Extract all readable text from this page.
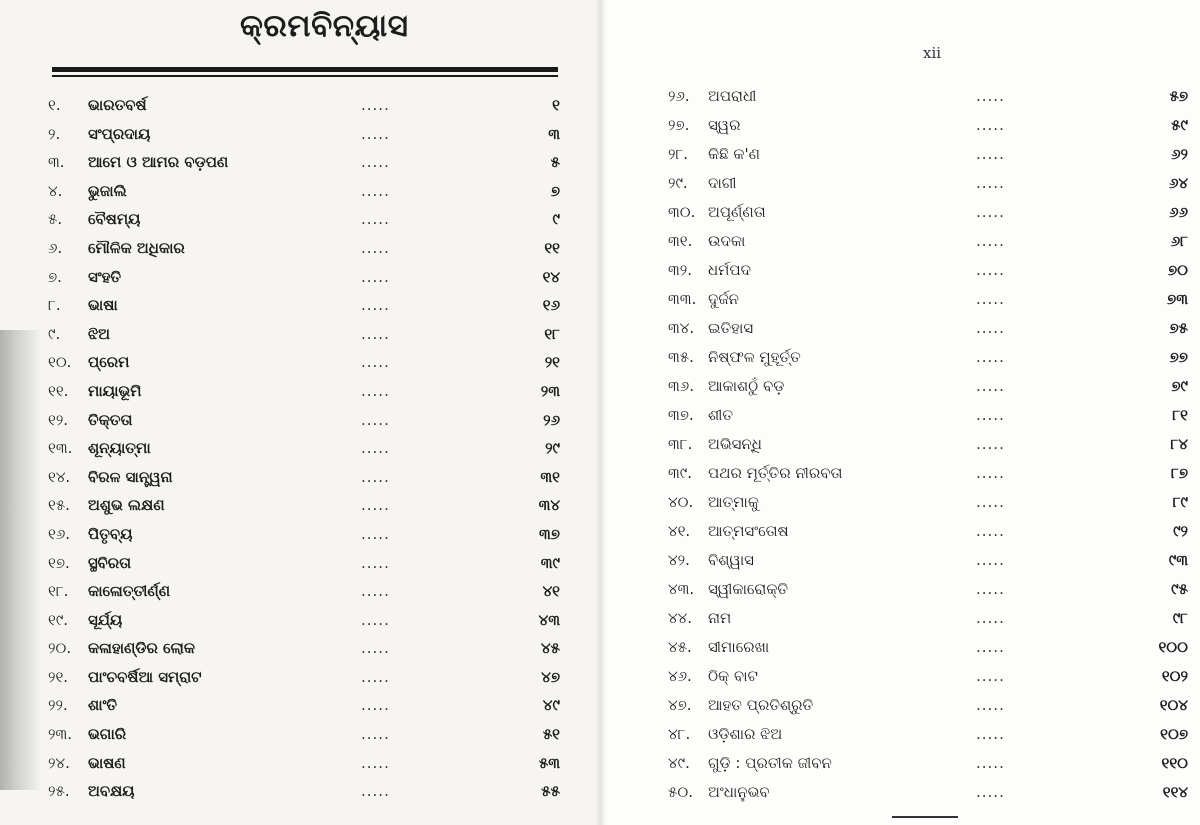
କ୍ରମବିନ୍ୟାସ
xii
୧. ଭାରତବର୍ଷ	.....	୧
୨. ସଂପ୍ରଦାୟ	.....	୩
୩. ଆମେ ଓ ଆମର ବଡ଼ପଣ	.....	୫
୪. ଭୁଜାଲି	.....	୭
୫. ବୈଷମ୍ୟ	.....	୯
୬. ମୌଳିକ ଅଧିକାର	.....	୧୧
୭. ସଂହତି	.....	୧୪
୮. ଭାଷା	.....	୧୬
୯. ଝିଅ	.....	୧୮
୧୦. ପ୍ରେମ	.....	୨୧
୧୧. ମାୟାଭୂମି	.....	୨୩
୧୨. ତିକ୍ତତା	.....	୨୬
୧୩. ଶୂନ୍ୟାତ୍ମା	.....	୨୯
୧୪. ବିରଳ ସାନ୍ତ୍ୱନା	.....	୩୧
୧୫. ଅଶୁଭ ଲକ୍ଷଣ	.....	୩୪
୧୬. ପିତୃବ୍ୟ	.....	୩୭
୧୭. ସ୍ଥବିରତା	.....	୩୯
୧୮. କାଳୋତ୍ତୀର୍ଣ୍ଣ	.....	୪୧
୧୯. ସୂର୍ଯ୍ୟ	.....	୪୩
୨୦. କଳାହାଣ୍ଡିର ଲୋକ	.....	୪୫
୨୧. ପାଂଚବର୍ଷିଆ ସମ୍ରାଟ	.....	୪୭
୨୨. ଶାଂତି	.....	୪୯
୨୩. ଭଗାରି	.....	୫୧
୨୪. ଭାଷଣ	.....	୫୩
୨୫. ଅବକ୍ଷୟ	.....	୫୫
୨୬. ଅପରାଧୀ	.....	୫୭
୨୭. ସ୍ୱର	.....	୫୯
୨୮. କିଛି କ'ଣ	.....	୬୨
୨୯. ଦାଗୀ	.....	୬୪
୩୦. ଅପୂର୍ଣ୍ଣତା	.....	୬୬
୩୧. ଉଦକା	.....	୬୮
୩୨. ଧର୍ମପଦ	.....	୭୦
୩୩. ଦୁର୍ଜନ	.....	୭୩
୩୪. ଇତିହାସ	.....	୭୫
୩୫. ନିଷ୍ଫଳ ମୁହୂର୍ତ୍ତ	.....	୭୭
୩୬. ଆକାଶଠୁଁ ବଡ଼	.....	୭୯
୩୭. ଶୀତ	.....	୮୧
୩୮. ଅଭିସନ୍ଧି	.....	୮୪
୩୯. ପଥର ମୂର୍ତ୍ତିର ନୀରବତା	.....	୮୭
୪୦. ଆତ୍ମାକୁ	.....	୮୯
୪୧. ଆତ୍ମସଂତୋଷ	.....	୯୨
୪୨. ବିଶ୍ୱାସ	.....	୯୩
୪୩. ସ୍ୱୀକାରୋକ୍ତି	.....	୯୫
୪୪. ନାମ	.....	୯୮
୪୫. ସୀମାରେଖା	.....	୧୦୦
୪୬. ଠିକ୍ ବାଟ	.....	୧୦୨
୪୭. ଆହତ ପ୍ରତିଶ୍ରୁତି	.....	୧୦୪
୪୮. ଓଡ଼ିଶାର ଝିଅ	.....	୧୦୭
୪୯. ଗୁଡ଼ି : ପ୍ରତୀକ ଜୀବନ	.....	୧୧୦
୫୦. ଅଂଧାନୁଭବ	.....	୧୧୪
